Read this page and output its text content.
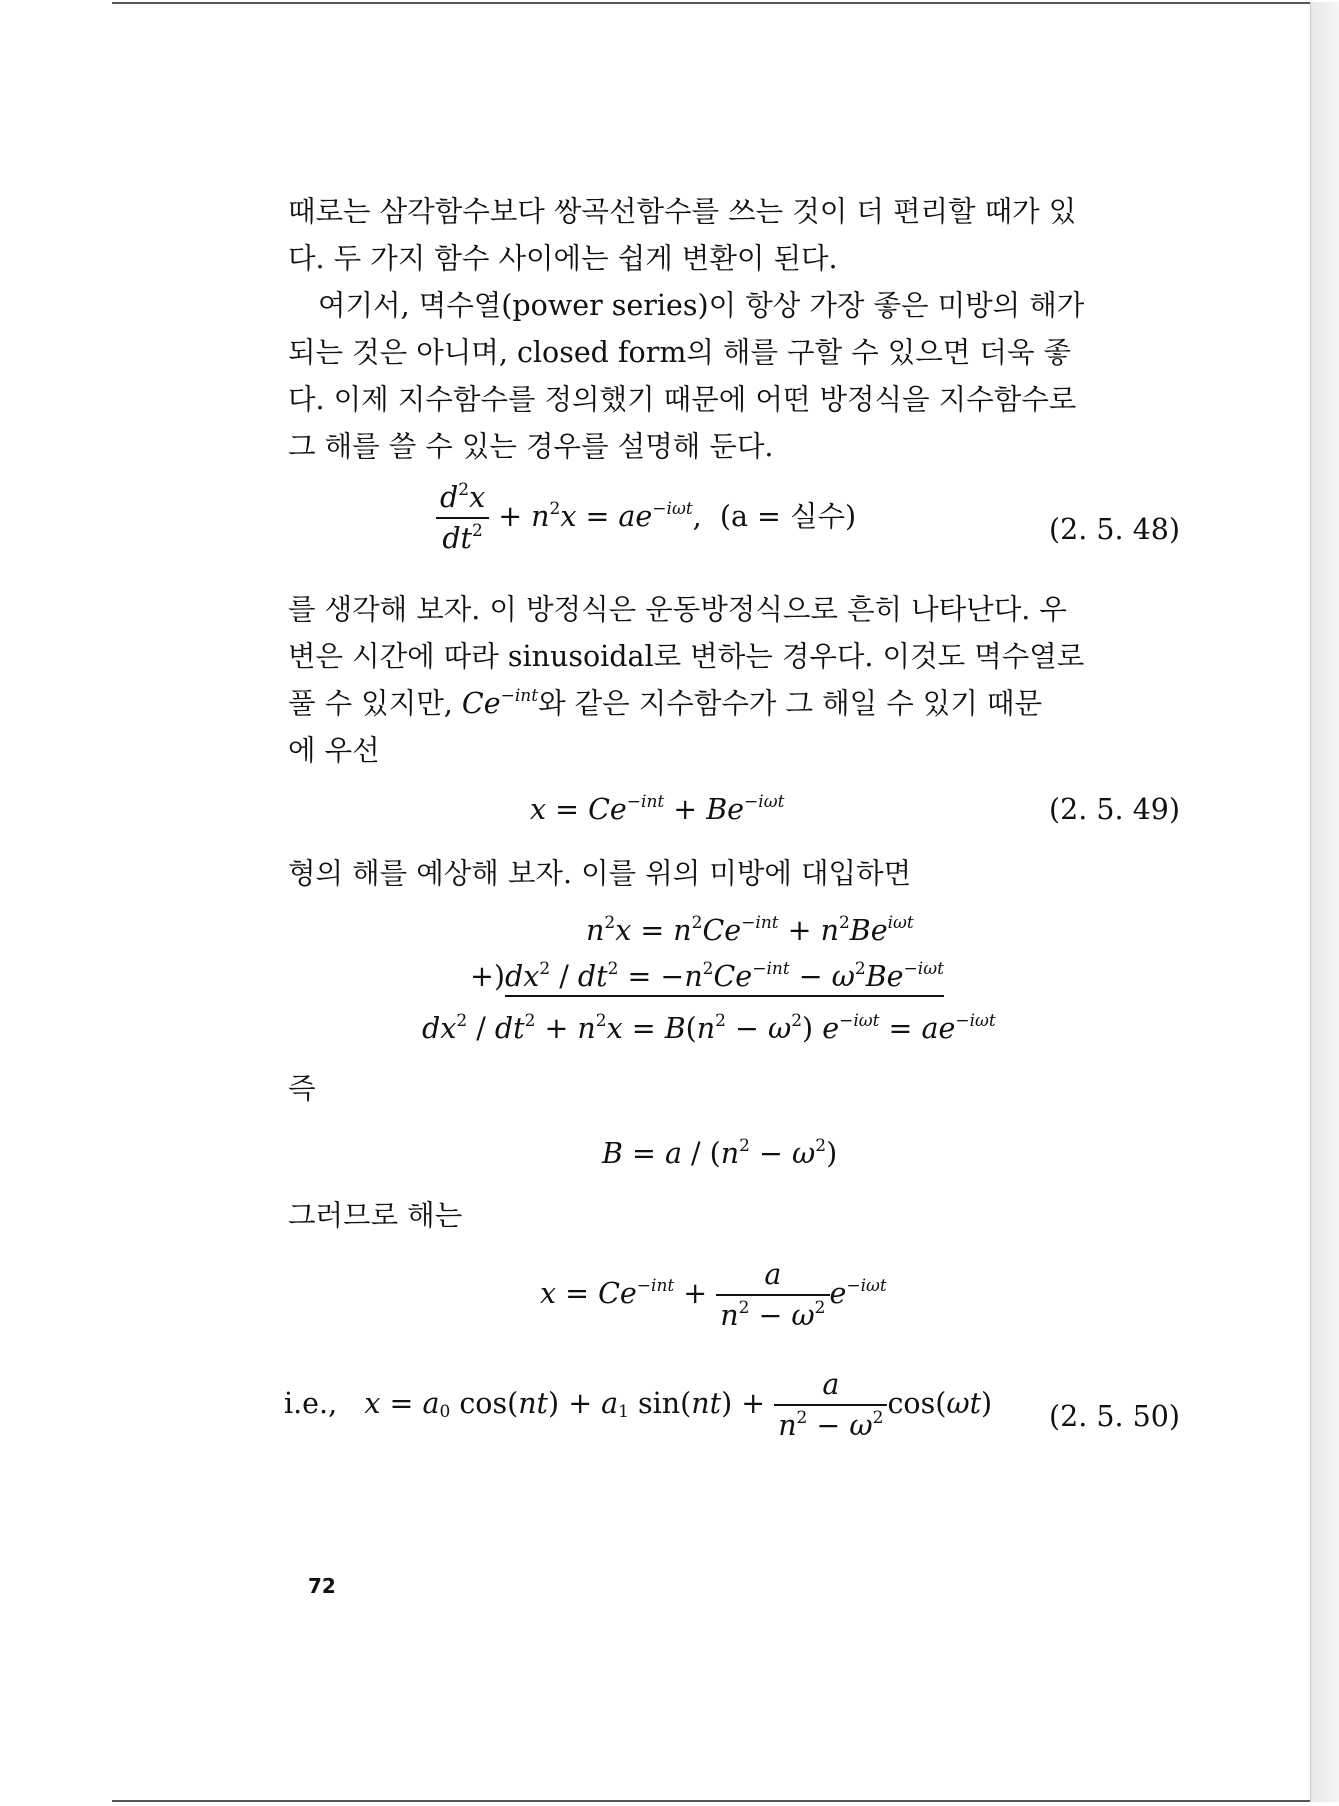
때로는 삼각함수보다 쌍곡선함수를 쓰는 것이 더 편리할 때가 있

다. 두 가지 함수 사이에는 쉽게 변환이 된다.

여기서, 멱수열(power series)이 항상 가장 좋은 미방의 해가

되는 것은 아니며, closed form의 해를 구할 수 있으면 더욱 좋

다. 이제 지수함수를 정의했기 때문에 어떤 방정식을 지수함수로

그 해를 쓸 수 있는 경우를 설명해 둔다.

$\frac{d^2x}{dt^2} + n^2x = ae^{-i\omega t}$,  (a = 실수)	(2. 5. 48)

를 생각해 보자. 이 방정식은 운동방정식으로 흔히 나타난다. 우

변은 시간에 따라 sinusoidal로 변하는 경우다. 이것도 멱수열로

풀 수 있지만, $Ce^{-int}$와 같은 지수함수가 그 해일 수 있기 때문

에 우선

$x = Ce^{-int} + Be^{-i\omega t}$	(2. 5. 49)

형의 해를 예상해 보자. 이를 위의 미방에 대입하면

$n^2x = n^2Ce^{-int} + n^2Be^{i\omega t}$
$+)dx^2 / dt^2 = -n^2Ce^{-int} - \omega^2Be^{-i\omega t}$
$dx^2 / dt^2 + n^2x = B(n^2 - \omega^2) e^{-i\omega t} = ae^{-i\omega t}$

즉

$B = a / (n^2 - \omega^2)$

그러므로 해는

$x = Ce^{-int} + \frac{a}{n^2 - \omega^2} e^{-i\omega t}$
i.e., $x = a_0$ $\cos(nt) + a_1$ $\sin(nt) + \frac{a}{n^2 - \omega^2} \cos(\omega t)$ (2. 5. 50)
72
